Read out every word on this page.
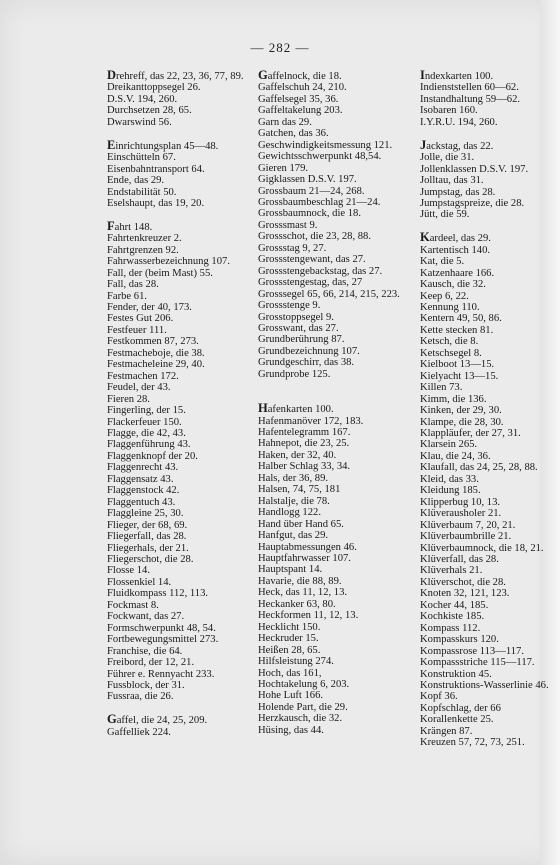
— 282 —
Drehreff, das 22, 23, 36, 77, 89.
Dreikanttoppsegel 26.
D.S.V. 194, 260.
Durchsetzen 28, 65.
Dwarswind 56.
Einrichtungsplan 45—48.
Einschütteln 67.
Eisenbahntransport 64.
Ende, das 29.
Endstabilität 50.
Eselshaupt, das 19, 20.
Fahrt 148.
Fahrtenkreuzer 2.
Fahrtgrenzen 92.
Fahrwasserbezeichnung 107.
Fall, der (beim Mast) 55.
Fall, das 28.
Farbe 61.
Fender, der 40, 173.
Festes Gut 206.
Festfeuer 111.
Festkommen 87, 273.
Festmacheboje, die 38.
Festmacheleine 29, 40.
Festmachen 172.
Feudel, der 43.
Fieren 28.
Fingerling, der 15.
Flackerfeuer 150.
Flagge, die 42, 43.
Flaggenführung 43.
Flaggenknopf der 20.
Flaggenrecht 43.
Flaggensatz 43.
Flaggenstock 42.
Flaggentuch 43.
Flaggleine 25, 30.
Flieger, der 68, 69.
Fliegerfall, das 28.
Fliegerhals, der 21.
Fliegerschot, die 28.
Flosse 14.
Flossenkiel 14.
Fluidkompass 112, 113.
Fockmast 8.
Fockwant, das 27.
Formschwerpunkt 48, 54.
Fortbewegungsmittel 273.
Franchise, die 64.
Freibord, der 12, 21.
Führer e. Rennyacht 233.
Fussblock, der 31.
Fussraa, die 26.
Gaffel, die 24, 25, 209.
Gaffelliek 224.
Gaffelnock, die 18.
Gaffelschuh 24, 210.
Gaffelsegel 35, 36.
Gaffeltakelung 203.
Garn das 29.
Gatchen, das 36.
Geschwindigkeitsmessung 121.
Gewichtsschwerpunkt 48,54.
Gieren 179.
Gigklassen D.S.V. 197.
Grossbaum 21—24, 268.
Grossbaumbeschlag 21—24.
Grossbaumnock, die 18.
Grosssmast 9.
Grossschot, die 23, 28, 88.
Grossstag 9, 27.
Grossstengewant, das 27.
Grossstengebackstag, das 27.
Grossstengestag, das, 27
Grosssegel 65, 66, 214, 215, 223.
Grossstenge 9.
Grosstoppsegel 9.
Grosswant, das 27.
Grundberührung 87.
Grundbezeichnung 107.
Grundgeschirr, das 38.
Grundprobe 125.
Hafenkarten 100.
Hafenmanöver 172, 183.
Hafentelegramm 167.
Hahnepot, die 23, 25.
Haken, der 32, 40.
Halber Schlag 33, 34.
Hals, der 36, 89.
Halsen, 74, 75, 181
Halstalje, die 78.
Handlogg 122.
Hand über Hand 65.
Hanfgut, das 29.
Hauptabmessungen 46.
Hauptfahrwasser 107.
Hauptspant 14.
Havarie, die 88, 89.
Heck, das 11, 12, 13.
Heckanker 63, 80.
Heckformen 11, 12, 13.
Hecklicht 150.
Heckruder 15.
Heißen 28, 65.
Hilfsleistung 274.
Hoch, das 161,
Hochtakelung 6, 203.
Hohe Luft 166.
Holende Part, die 29.
Herzkausch, die 32.
Hüsing, das 44.
Indexkarten 100.
Indienststellen 60—62.
Instandhaltung 59—62.
Isobaren 160.
I.Y.R.U. 194, 260.
Jackstag, das 22.
Jolle, die 31.
Jollenklassen D.S.V. 197.
Jolltau, das 31.
Jumpstag, das 28.
Jumpstagspreize, die 28.
Jütt, die 59.
Kardeel, das 29.
Kartentisch 140.
Kat, die 5.
Katzenhaare 166.
Kausch, die 32.
Keep 6, 22.
Kennung 110.
Kentern 49, 50, 86.
Kette stecken 81.
Ketsch, die 8.
Ketschsegel 8.
Kielboot 13—15.
Kielyacht 13—15.
Killen 73.
Kimm, die 136.
Kinken, der 29, 30.
Klampe, die 28, 30.
Klappläufer, der 27, 31.
Klarsein 265.
Klau, die 24, 36.
Klaufall, das 24, 25, 28, 88.
Kleid, das 33.
Kleidung 185.
Klipperbug 10, 13.
Klüverausholer 21.
Klüverbaum 7, 20, 21.
Klüverbaumbrille 21.
Klüverbaumnock, die 18, 21.
Klüverfall, das 28.
Klüverhals 21.
Klüverschot, die 28.
Knoten 32, 121, 123.
Kocher 44, 185.
Kochkiste 185.
Kompass 112.
Kompasskurs 120.
Kompassrose 113—117.
Kompassstriche 115—117.
Konstruktion 45.
Konstruktions-Wasserlinie 46.
Kopf 36.
Kopfschlag, der 66
Korallenkette 25.
Krängen 87.
Kreuzen 57, 72, 73, 251.
